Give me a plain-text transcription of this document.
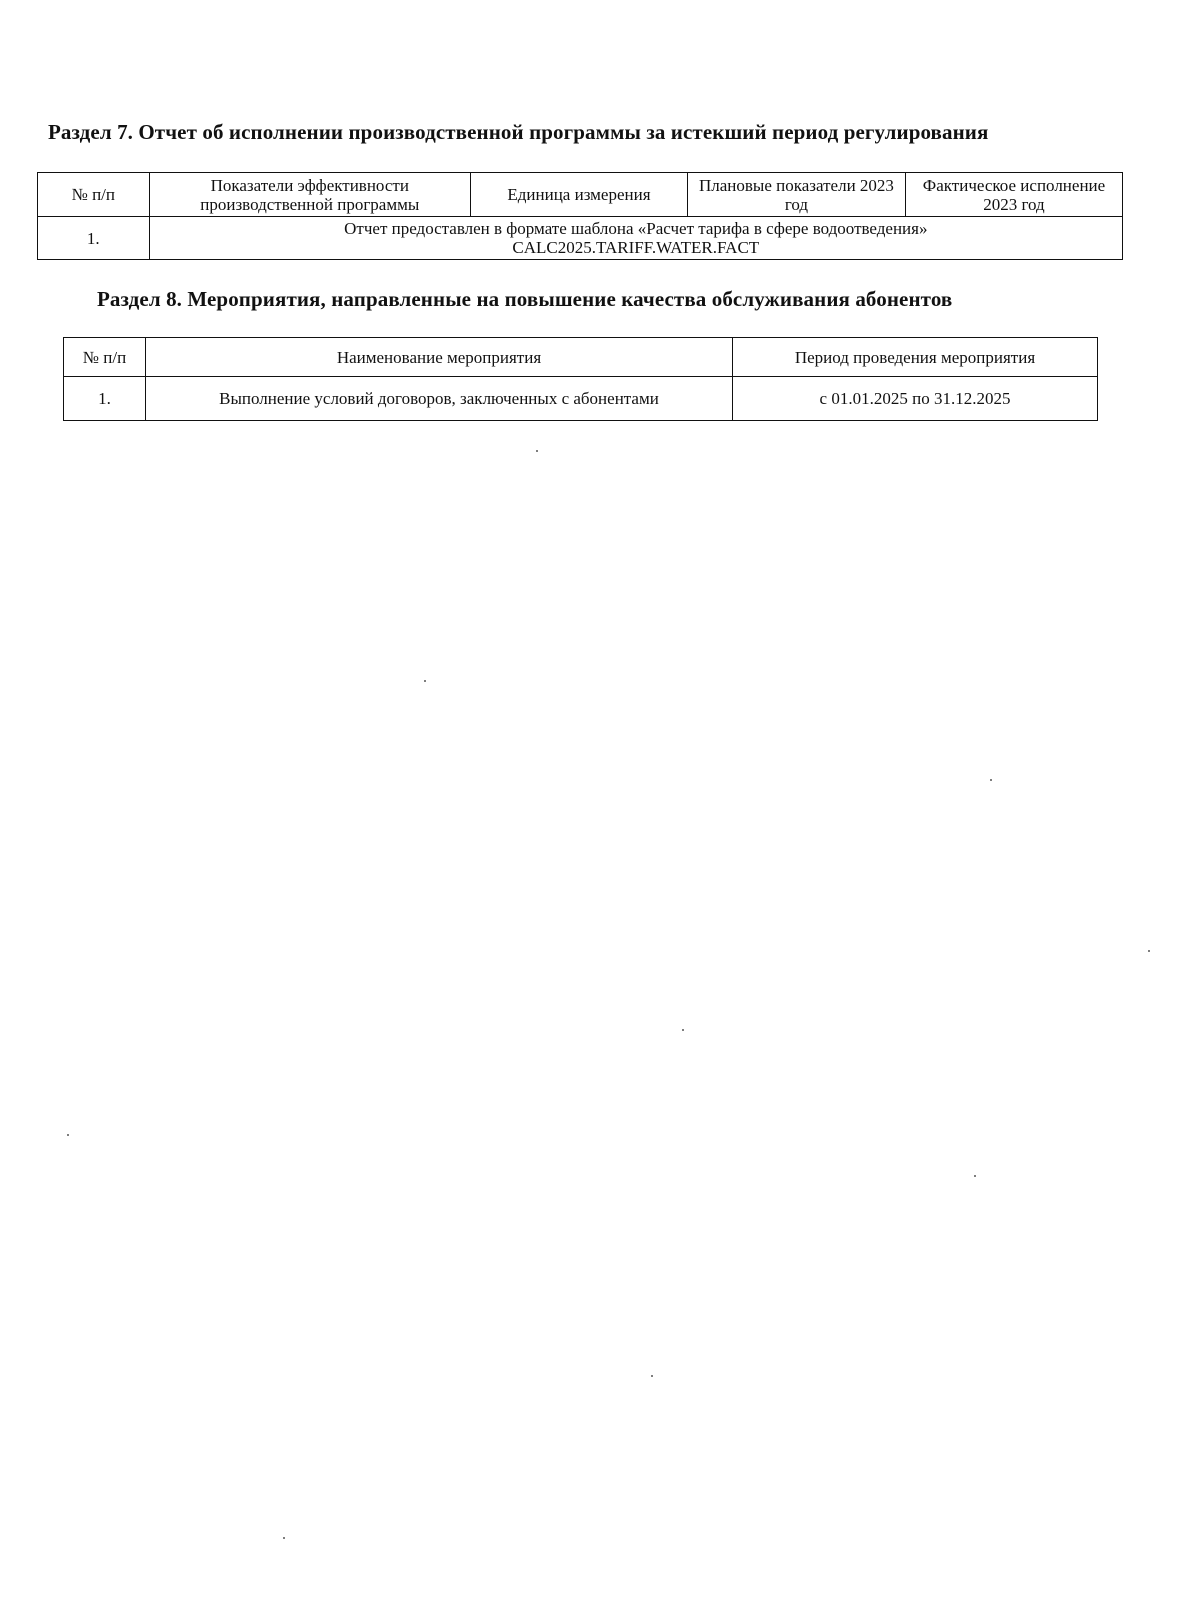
Раздел 7. Отчет об исполнении производственной программы за истекший период регулирования
№ п/п	Показатели эффективности производственной программы	Единица измерения	Плановые показатели 2023 год	Фактическое исполнение 2023 год
1.	Отчет предоставлен в формате шаблона «Расчет тарифа в сфере водоотведения»
CALC2025.TARIFF.WATER.FACT			
Раздел 8. Мероприятия, направленные на повышение качества обслуживания абонентов
№ п/п	Наименование мероприятия	Период проведения мероприятия
1.	Выполнение условий договоров, заключенных с абонентами	с 01.01.2025 по 31.12.2025
